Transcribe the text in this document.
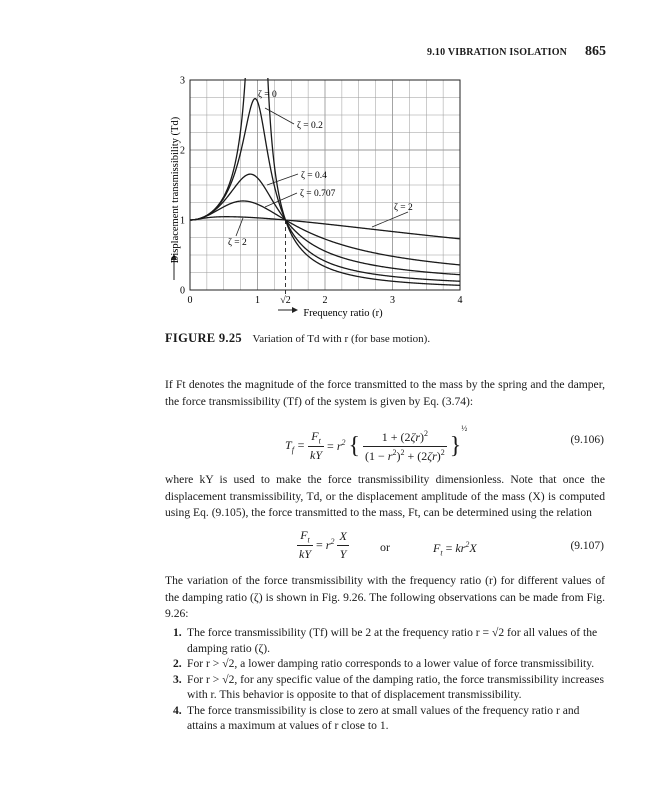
9.10 VIBRATION ISOLATION 865
0	1 √2	2	3	4
0
1
2
3
ζ = 0
ζ = 0.2
ζ = 0.4
ζ = 0.707
ζ = 2
ζ = 2
Displacement transmissibility (Td)
Frequency ratio (r)
FIGURE 9.25 Variation of Td with r (for base motion).
If Ft denotes the magnitude of the force transmitted to the mass by the spring and the damper, the force transmissibility (Tf) of the system is given by Eq. (3.74):
$T_f = \frac{F_t}{kY} = r^2$ { $\frac{1 + (2\zeta r)^2}{(1 - r^2)^2 + (2\zeta r)^2} \}^{\frac{1}{2}}$
(9.106)
where kY is used to make the force transmissibility dimensionless. Note that once the displacement transmissibility, Td, or the displacement amplitude of the mass (X) is computed using Eq. (9.105), the force transmitted to the mass, Ft, can be determined using the relation
$\frac{F_t}{kY} = r^2 \frac{X}{Y}$	or	$F_t = kr^2X$	(9.107)
The variation of the force transmissibility with the frequency ratio (r) for different values of the damping ratio (ζ) is shown in Fig. 9.26. The following observations can be made from Fig. 9.26:
1. The force transmissibility (Tf) will be 2 at the frequency ratio r = √2 for all values of the damping ratio (ζ).
2. For r > √2, a lower damping ratio corresponds to a lower value of force transmissibility.
3. For r > √2, for any specific value of the damping ratio, the force transmissibility increases with r. This behavior is opposite to that of displacement transmissibility.
4. The force transmissibility is close to zero at small values of the frequency ratio r and attains a maximum at values of r close to 1.
